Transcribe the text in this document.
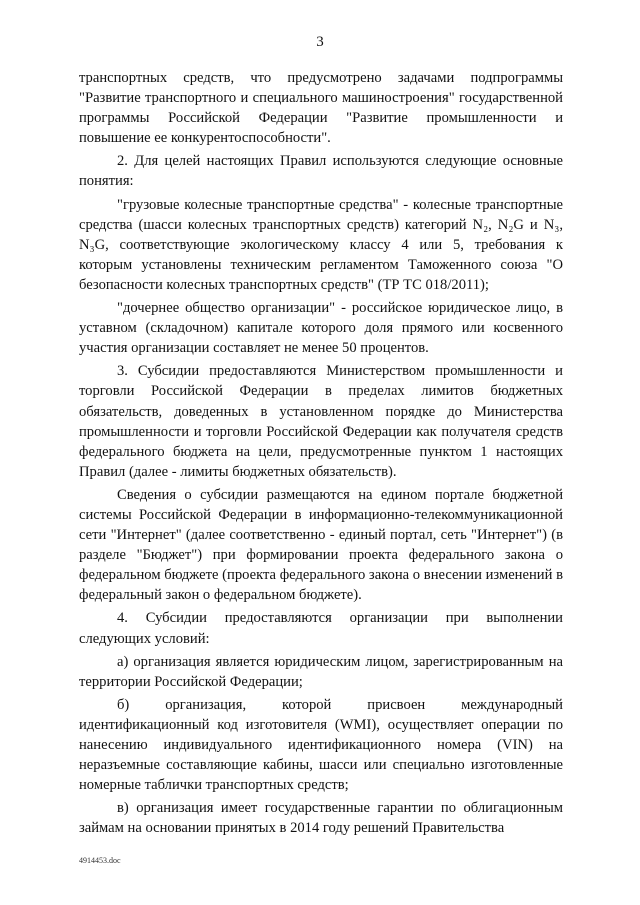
3

транспортных средств, что предусмотрено задачами подпрограммы "Развитие транспортного и специального машиностроения" государственной программы Российской Федерации "Развитие промышленности и повышение ее конкурентоспособности".

2. Для целей настоящих Правил используются следующие основные понятия:

"грузовые колесные транспортные средства" - колесные транспортные средства (шасси колесных транспортных средств) категорий N₂, N₂G и N₃, N₃G, соответствующие экологическому классу 4 или 5, требования к которым установлены техническим регламентом Таможенного союза "О безопасности колесных транспортных средств" (ТР ТС 018/2011);

"дочернее общество организации" - российское юридическое лицо, в уставном (складочном) капитале которого доля прямого или косвенного участия организации составляет не менее 50 процентов.

3. Субсидии предоставляются Министерством промышленности и торговли Российской Федерации в пределах лимитов бюджетных обязательств, доведенных в установленном порядке до Министерства промышленности и торговли Российской Федерации как получателя средств федерального бюджета на цели, предусмотренные пунктом 1 настоящих Правил (далее - лимиты бюджетных обязательств).

Сведения о субсидии размещаются на едином портале бюджетной системы Российской Федерации в информационно-телекоммуникационной сети "Интернет" (далее соответственно - единый портал, сеть "Интернет") (в разделе "Бюджет") при формировании проекта федерального закона о федеральном бюджете (проекта федерального закона о внесении изменений в федеральный закон о федеральном бюджете).

4. Субсидии предоставляются организации при выполнении следующих условий:

а) организация является юридическим лицом, зарегистрированным на территории Российской Федерации;

б) организация, которой присвоен международный идентификационный код изготовителя (WMI), осуществляет операции по нанесению индивидуального идентификационного номера (VIN) на неразъемные составляющие кабины, шасси или специально изготовленные номерные таблички транспортных средств;

в) организация имеет государственные гарантии по облигационным займам на основании принятых в 2014 году решений Правительства

4914453.doc
